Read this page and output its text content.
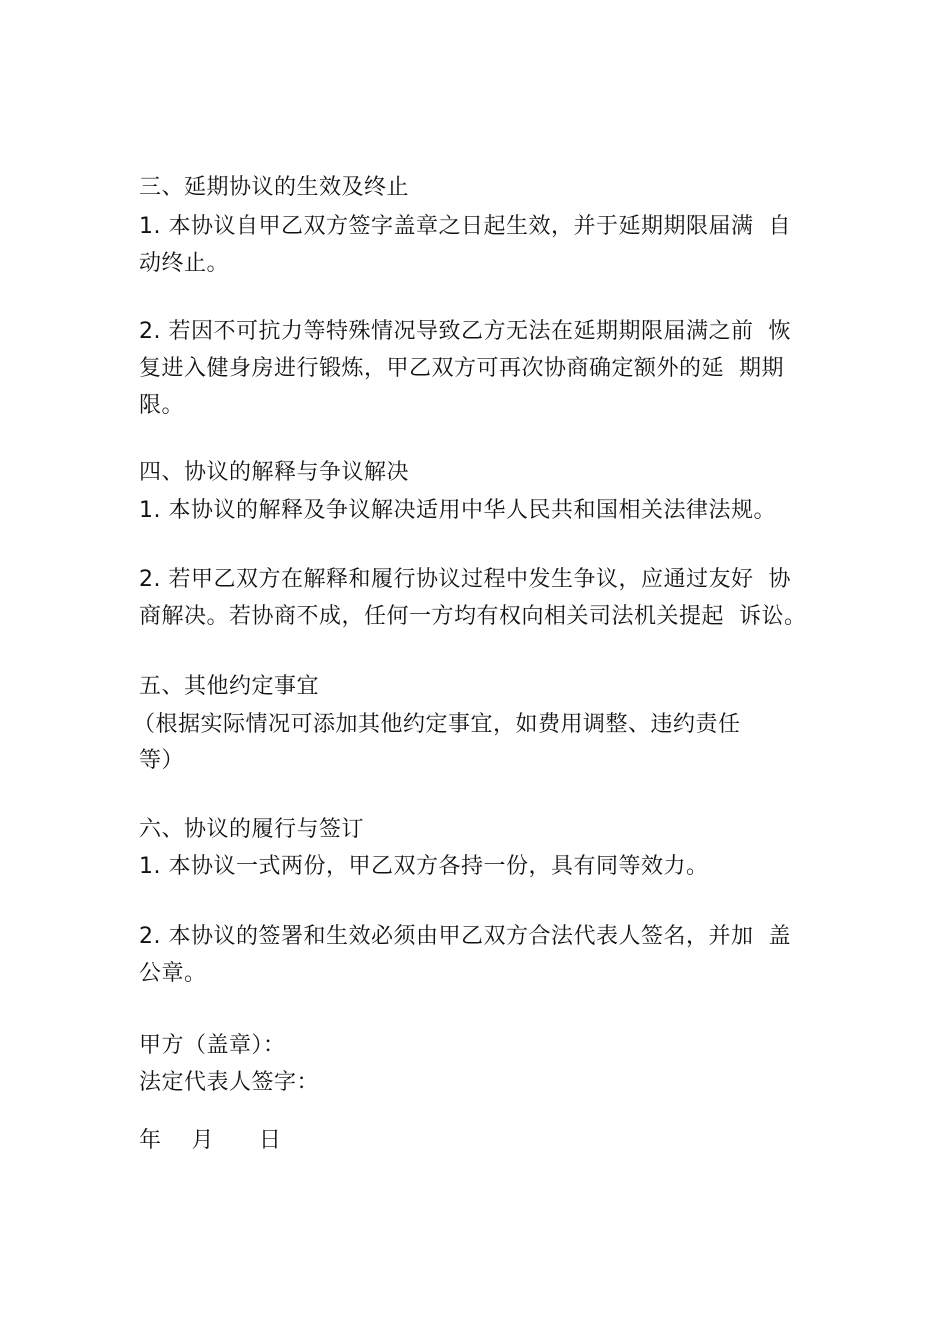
三、延期协议的生效及终止
1. 本协议自甲乙双方签字盖章之日起生效，并于延期期限届满  自
动终止。
2. 若因不可抗力等特殊情况导致乙方无法在延期期限届满之前  恢
复进入健身房进行锻炼，甲乙双方可再次协商确定额外的延  期期
限。
四、协议的解释与争议解决
1. 本协议的解释及争议解决适用中华人民共和国相关法律法规。
2. 若甲乙双方在解释和履行协议过程中发生争议，应通过友好  协
商解决。若协商不成，任何一方均有权向相关司法机关提起  诉讼。
五、其他约定事宜
（根据实际情况可添加其他约定事宜，如费用调整、违约责任
等）
六、协议的履行与签订
1. 本协议一式两份，甲乙双方各持一份，具有同等效力。
2. 本协议的签署和生效必须由甲乙双方合法代表人签名，并加  盖
公章。
甲方（盖章）：
法定代表人签字：
年    月      日
